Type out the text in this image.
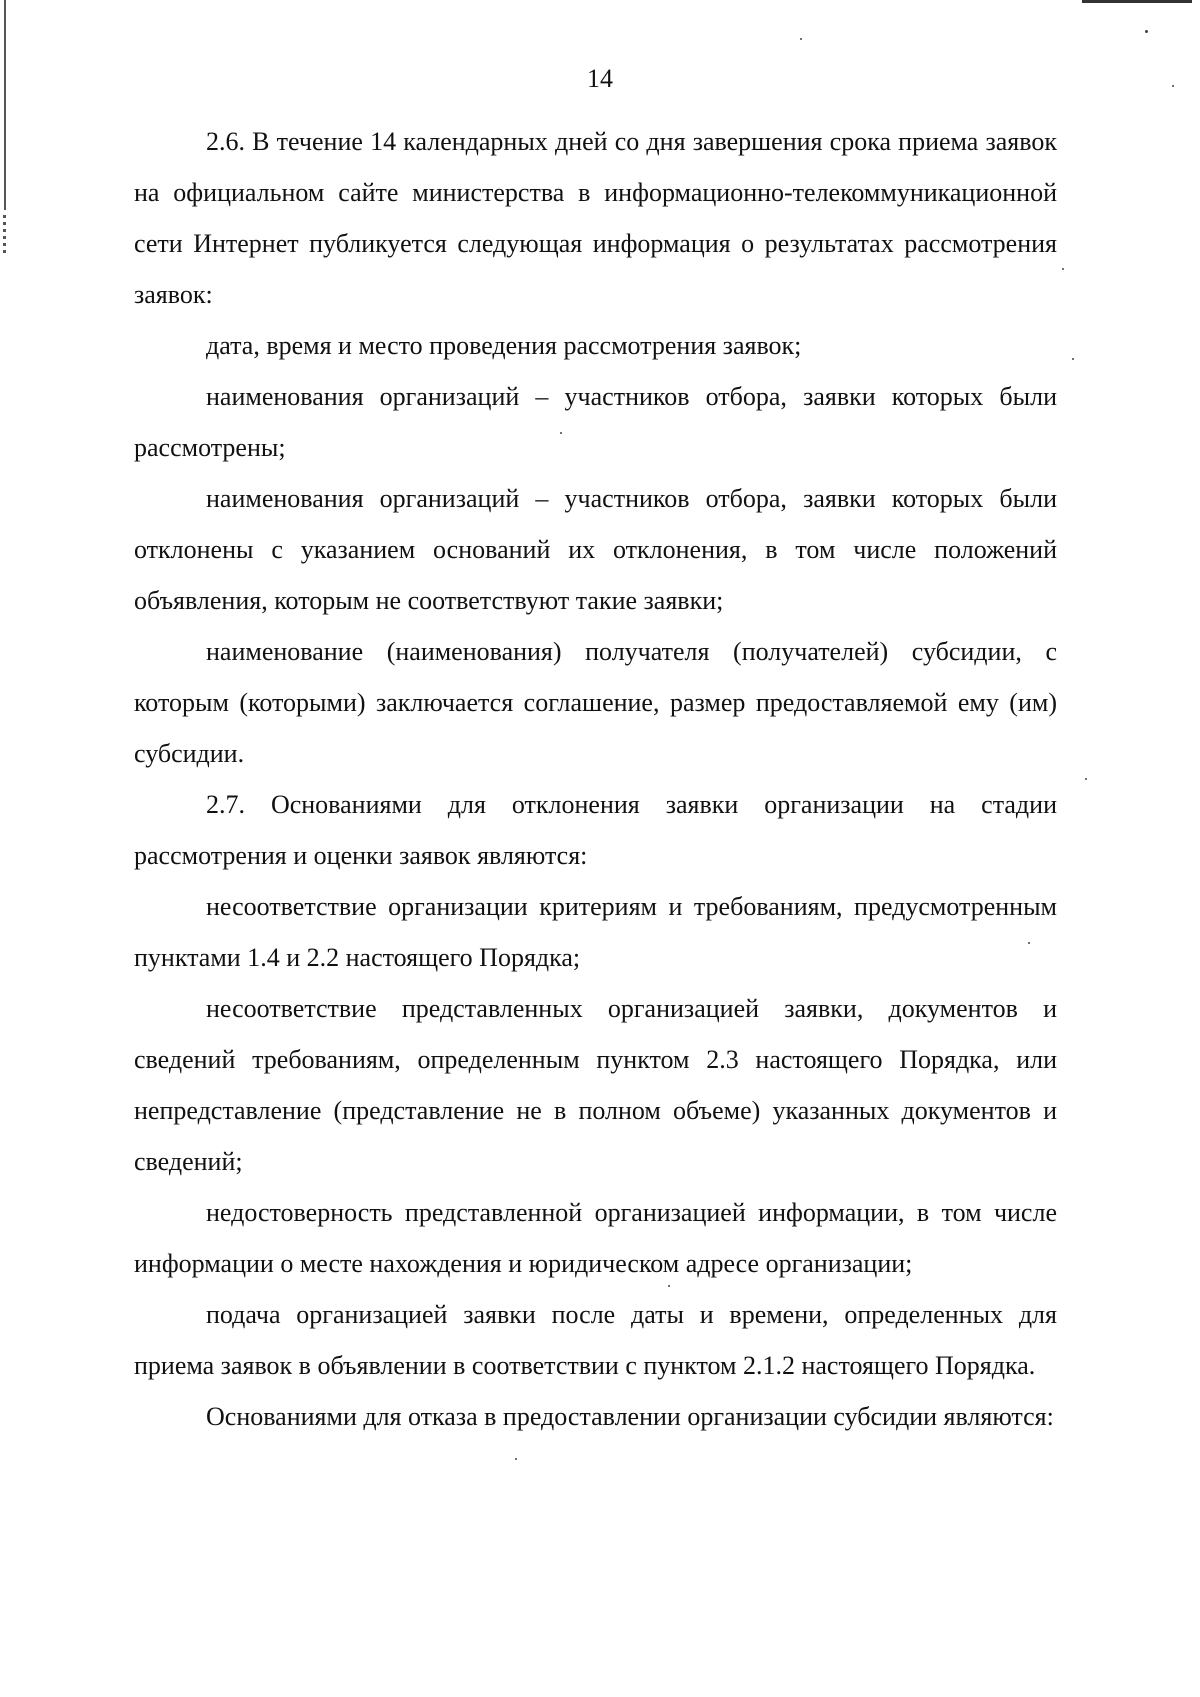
14

2.6. В течение 14 календарных дней со дня завершения срока приема заявок на официальном сайте министерства в информационно-телекоммуникационной сети Интернет публикуется следующая информация о результатах рассмотрения заявок:

дата, время и место проведения рассмотрения заявок;

наименования организаций – участников отбора, заявки которых были рассмотрены;

наименования организаций – участников отбора, заявки которых были отклонены с указанием оснований их отклонения, в том числе положений объявления, которым не соответствуют такие заявки;

наименование (наименования) получателя (получателей) субсидии, с которым (которыми) заключается соглашение, размер предоставляемой ему (им) субсидии.

2.7. Основаниями для отклонения заявки организации на стадии рассмотрения и оценки заявок являются:

несоответствие организации критериям и требованиям, предусмотренным пунктами 1.4 и 2.2 настоящего Порядка;

несоответствие представленных организацией заявки, документов и сведений требованиям, определенным пунктом 2.3 настоящего Порядка, или непредставление (представление не в полном объеме) указанных документов и сведений;

недостоверность представленной организацией информации, в том числе информации о месте нахождения и юридическом адресе организации;

подача организацией заявки после даты и времени, определенных для приема заявок в объявлении в соответствии с пунктом 2.1.2 настоящего Порядка.

Основаниями для отказа в предоставлении организации субсидии являются:
